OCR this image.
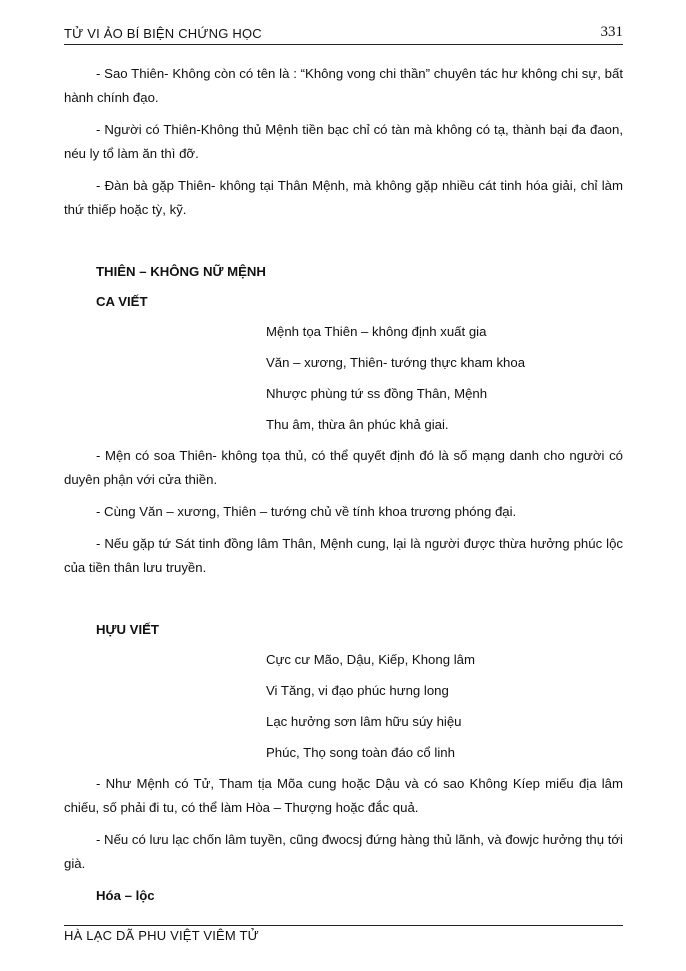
TỬ VI ẢO BÍ BIỆN CHỨNG HỌC	331

- Sao Thiên- Không còn có tên là : “Không vong chi thần” chuyên tác hư không chi sự, bất hành chính đạo.

- Người có Thiên-Không thủ Mệnh tiền bạc chỉ có tàn mà không có tạ, thành bại đa đaon, néu ly tổ làm ăn thì đỡ.

- Đàn bà gặp Thiên- không tại Thân Mệnh, mà không gặp nhiều cát tinh hóa giải, chỉ làm thứ thiếp hoặc tỳ, kỹ.

THIÊN – KHÔNG NỮ MỆNH
CA VIẾT

Mệnh tọa Thiên – không định xuất gia

Văn – xương, Thiên- tướng thực kham khoa

Nhược phùng tứ ss đồng Thân, Mệnh

Thu âm, thừa ân phúc khả giai.

- Mện có soa Thiên- không tọa thủ, có thể quyết định đó là số mạng danh cho người có duyên phận với cửa thiền.

- Cùng Văn – xương, Thiên – tướng chủ về tính khoa trương phóng đại.

- Nếu gặp tứ Sát tinh đồng lâm Thân, Mệnh cung, lại là người được thừa hưởng phúc lộc của tiền thân lưu truyền.

HỰU VIẾT

Cực cư Mão, Dậu, Kiếp, Khong lâm

Vi Tăng, vi đạo phúc hưng long

Lạc hưởng sơn lâm hữu súy hiệu

Phúc, Thọ song toàn đáo cổ linh

- Như Mệnh có Tử, Tham tịa Mõa cung hoặc Dậu và có sao Không Kíep miếu địa lâm chiếu, số phải đi tu, có thể làm Hòa – Thượng hoặc đắc quả.

- Nếu có lưu lạc chốn lâm tuyền, cũng đwocsj đứng hàng thủ lãnh, và đowjc hưởng thụ tới già.

Hóa – lộc
HÀ LẠC DÃ PHU VIỆT VIÊM TỬ
